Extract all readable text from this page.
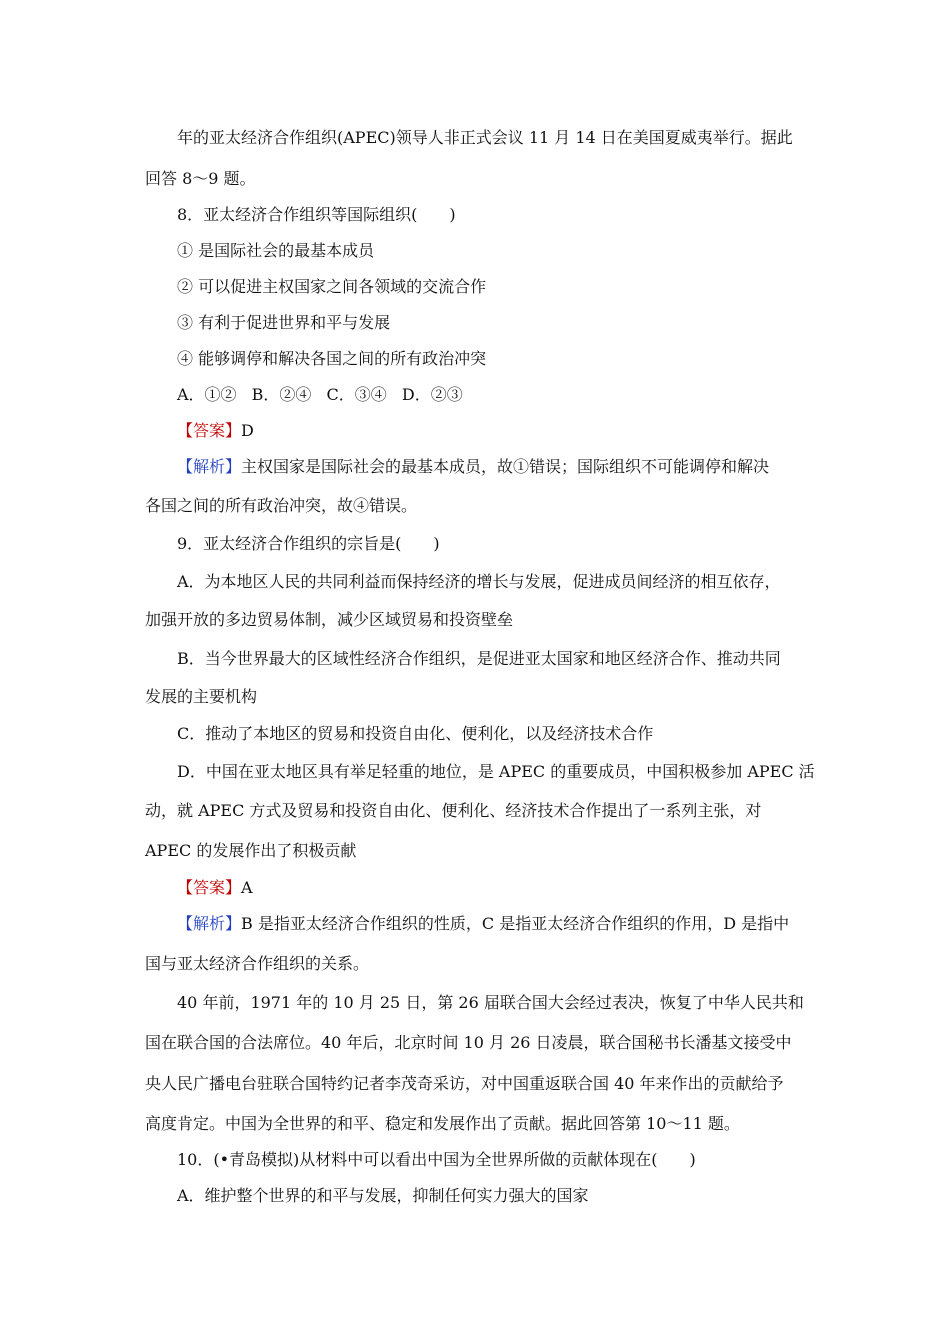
年的亚太经济合作组织(APEC)领导人非正式会议 11 月 14 日在美国夏威夷举行。据此
回答 8～9 题。
8．亚太经济合作组织等国际组织(　　)
① 是国际社会的最基本成员
② 可以促进主权国家之间各领域的交流合作
③ 有利于促进世界和平与发展
④ 能够调停和解决各国之间的所有政治冲突
A．①② B．②④ C．③④ D．②③
【答案】D
【解析】主权国家是国际社会的最基本成员，故①错误；国际组织不可能调停和解决
各国之间的所有政治冲突，故④错误。
9．亚太经济合作组织的宗旨是(　　)
A．为本地区人民的共同利益而保持经济的增长与发展，促进成员间经济的相互依存，
加强开放的多边贸易体制，减少区域贸易和投资壁垒
B．当今世界最大的区域性经济合作组织，是促进亚太国家和地区经济合作、推动共同
发展的主要机构
C．推动了本地区的贸易和投资自由化、便利化，以及经济技术合作
D．中国在亚太地区具有举足轻重的地位，是 APEC 的重要成员，中国积极参加 APEC 活
动，就 APEC 方式及贸易和投资自由化、便利化、经济技术合作提出了一系列主张，对
APEC 的发展作出了积极贡献
【答案】A
【解析】B 是指亚太经济合作组织的性质，C 是指亚太经济合作组织的作用，D 是指中
国与亚太经济合作组织的关系。
40 年前，1971 年的 10 月 25 日，第 26 届联合国大会经过表决，恢复了中华人民共和
国在联合国的合法席位。40 年后，北京时间 10 月 26 日凌晨，联合国秘书长潘基文接受中
央人民广播电台驻联合国特约记者李茂奇采访，对中国重返联合国 40 年来作出的贡献给予
高度肯定。中国为全世界的和平、稳定和发展作出了贡献。据此回答第 10～11 题。
10．(•青岛模拟)从材料中可以看出中国为全世界所做的贡献体现在(　　)
A．维护整个世界的和平与发展，抑制任何实力强大的国家
